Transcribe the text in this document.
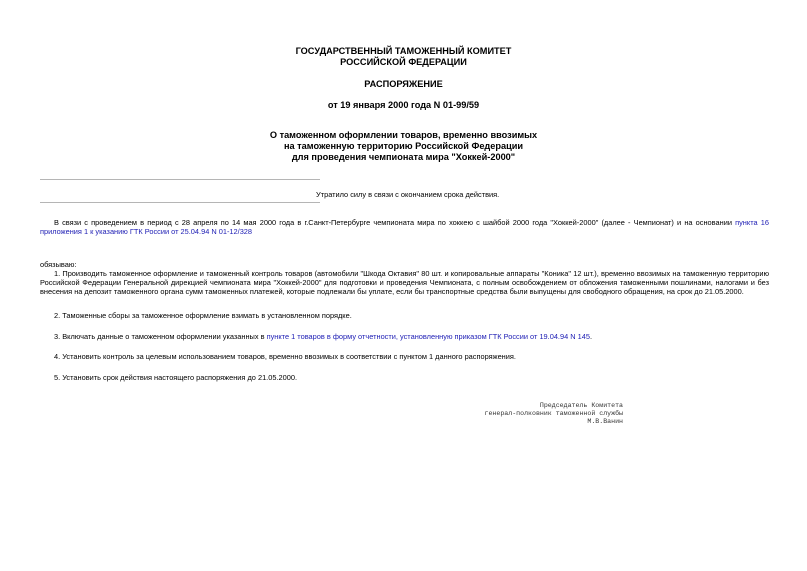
ГОСУДАРСТВЕННЫЙ ТАМОЖЕННЫЙ КОМИТЕТ
РОССИЙСКОЙ ФЕДЕРАЦИИ
РАСПОРЯЖЕНИЕ
от 19 января 2000 года N 01-99/59
О таможенном оформлении товаров, временно ввозимых
на таможенную территорию Российской Федерации
для проведения чемпионата мира "Хоккей-2000"
Утратило силу в связи с окончанием срока действия.
В связи с проведением в период с 28 апреля по 14 мая 2000 года в г.Санкт-Петербурге чемпионата мира по хоккею с шайбой 2000 года "Хоккей-2000" (далее - Чемпионат) и на основании пункта 16 приложения 1 к указанию ГТК России от 25.04.94 N 01-12/328
обязываю:
1. Производить таможенное оформление и таможенный контроль товаров (автомобили "Шкода Октавия" 80 шт. и копировальные аппараты "Коника" 12 шт.), временно ввозимых на таможенную территорию Российской Федерации Генеральной дирекцией чемпионата мира "Хоккей-2000" для подготовки и проведения Чемпионата, с полным освобождением от обложения таможенными пошлинами, налогами и без внесения на депозит таможенного органа сумм таможенных платежей, которые подлежали бы уплате, если бы транспортные средства были выпущены для свободного обращения, на срок до 21.05.2000.
2. Таможенные сборы за таможенное оформление взимать в установленном порядке.
3. Включать данные о таможенном оформлении указанных в пункте 1 товаров в форму отчетности, установленную приказом ГТК России от 19.04.94 N 145.
4. Установить контроль за целевым использованием товаров, временно ввозимых в соответствии с пунктом 1 данного распоряжения.
5. Установить срок действия настоящего распоряжения до 21.05.2000.
Председатель Комитета
генерал-полковник таможенной службы
М.В.Ванин
